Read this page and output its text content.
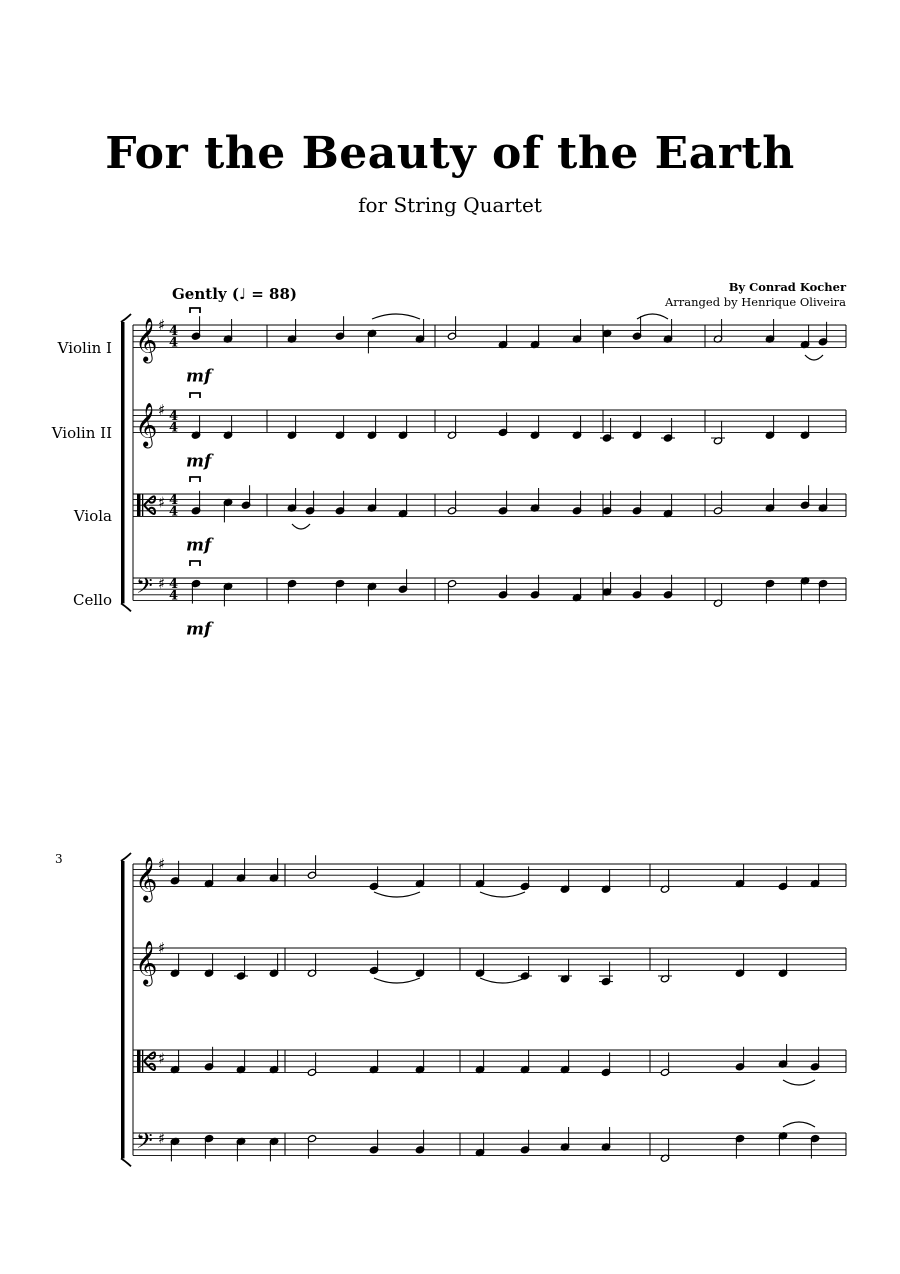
For the Beauty of the Earth
for String Quartet
By Conrad Kocher
Arranged by Henrique Oliveira
Gently (♩ = 88)
Violin I
Violin II
Viola
Cello
3
𝄞 ♯ 4
4
𝄞 ♯ 4
4
♯ 4
4
𝄢 ♯ 4
4
𝄞 ♯
𝄞 ♯
♯
𝄢 ♯
mf
mf
mf
mf
